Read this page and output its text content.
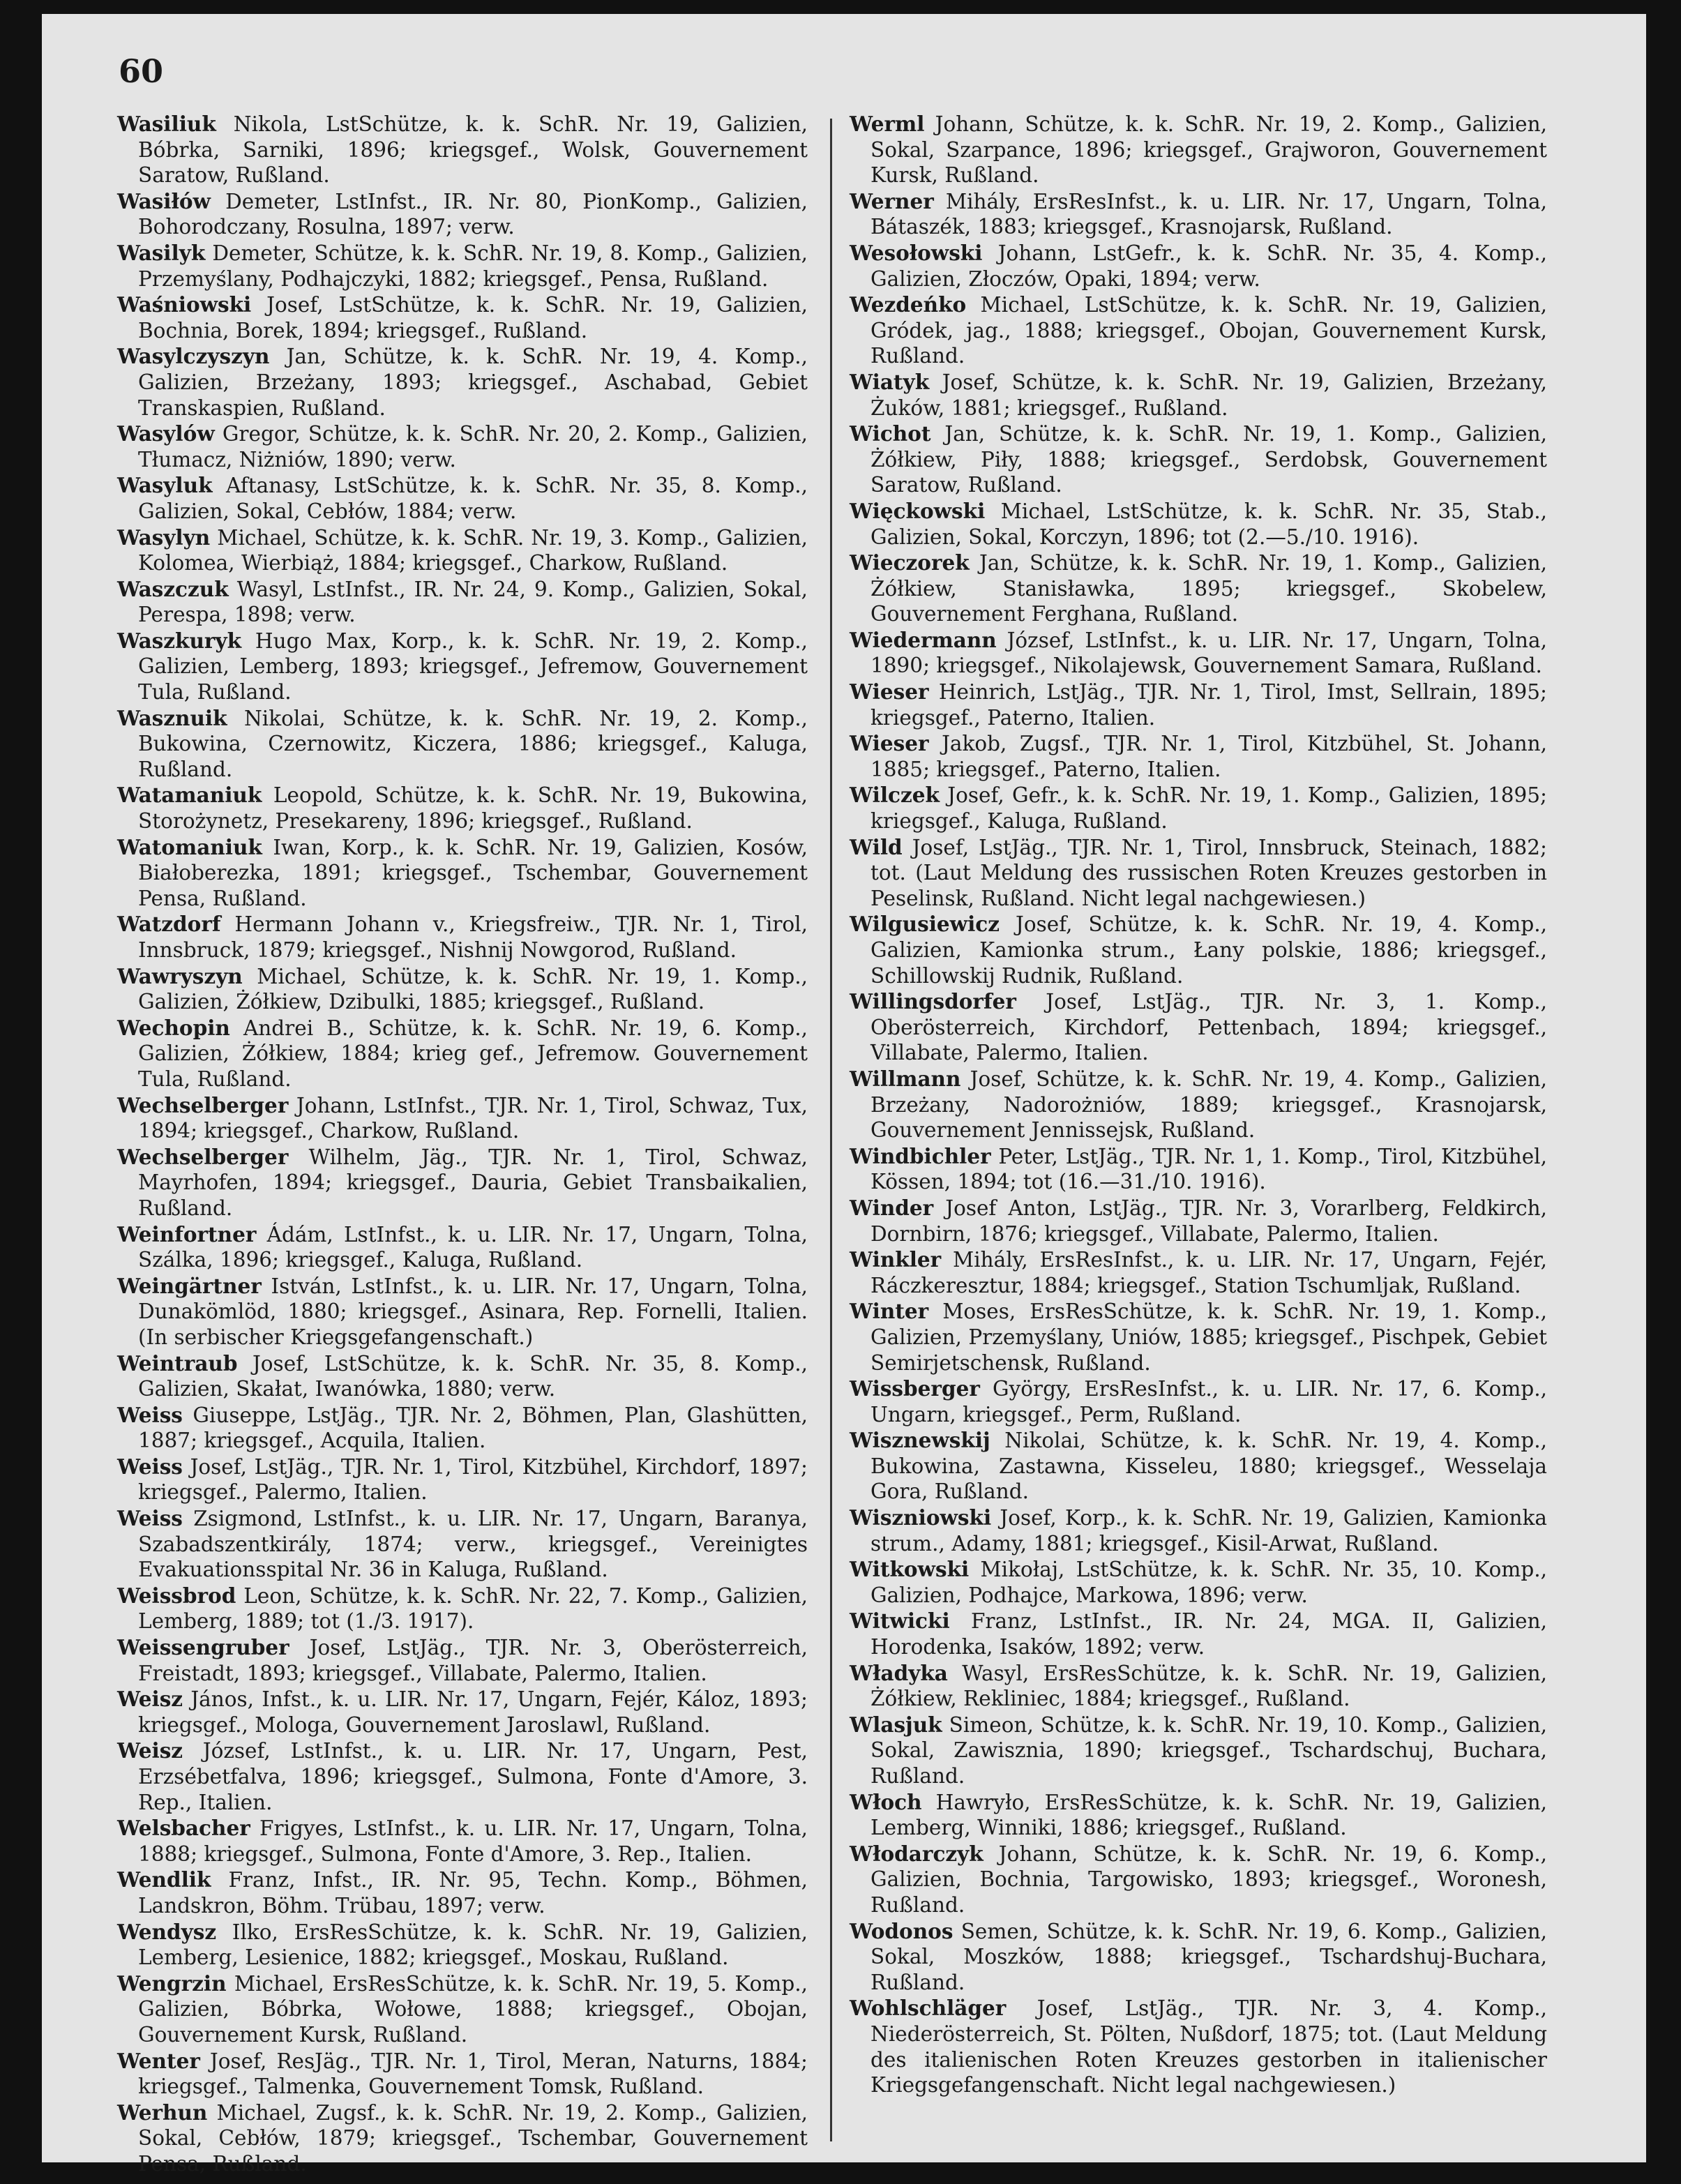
60

Wasiliuk Nikola, LstSchütze, k. k. SchR. Nr. 19, Galizien, Bóbrka, Sarniki, 1896; kriegsgef., Wolsk, Gouvernement Saratow, Rußland.

Wasiłów Demeter, LstInfst., IR. Nr. 80, PionKomp., Galizien, Bohorodczany, Rosulna, 1897; verw.

Wasilyk Demeter, Schütze, k. k. SchR. Nr. 19, 8. Komp., Galizien, Przemyślany, Podhajczyki, 1882; kriegsgef., Pensa, Rußland.

Waśniowski Josef, LstSchütze, k. k. SchR. Nr. 19, Galizien, Bochnia, Borek, 1894; kriegsgef., Rußland.

Wasylczyszyn Jan, Schütze, k. k. SchR. Nr. 19, 4. Komp., Galizien, Brzeżany, 1893; kriegsgef., Aschabad, Gebiet Transkaspien, Rußland.

Wasylów Gregor, Schütze, k. k. SchR. Nr. 20, 2. Komp., Galizien, Tłumacz, Niżniów, 1890; verw.

Wasyluk Aftanasy, LstSchütze, k. k. SchR. Nr. 35, 8. Komp., Galizien, Sokal, Cebłów, 1884; verw.

Wasylyn Michael, Schütze, k. k. SchR. Nr. 19, 3. Komp., Galizien, Kolomea, Wierbiąż, 1884; kriegsgef., Charkow, Rußland.

Waszczuk Wasyl, LstInfst., IR. Nr. 24, 9. Komp., Galizien, Sokal, Perespa, 1898; verw.

Waszkuryk Hugo Max, Korp., k. k. SchR. Nr. 19, 2. Komp., Galizien, Lemberg, 1893; kriegsgef., Jefremow, Gouvernement Tula, Rußland.

Wasznuik Nikolai, Schütze, k. k. SchR. Nr. 19, 2. Komp., Bukowina, Czernowitz, Kiczera, 1886; kriegsgef., Kaluga, Rußland.

Watamaniuk Leopold, Schütze, k. k. SchR. Nr. 19, Bukowina, Storożynetz, Presekareny, 1896; kriegsgef., Rußland.

Watomaniuk Iwan, Korp., k. k. SchR. Nr. 19, Galizien, Kosów, Białoberezka, 1891; kriegsgef., Tschembar, Gouvernement Pensa, Rußland.

Watzdorf Hermann Johann v., Kriegsfreiw., TJR. Nr. 1, Tirol, Innsbruck, 1879; kriegsgef., Nishnij Nowgorod, Rußland.

Wawryszyn Michael, Schütze, k. k. SchR. Nr. 19, 1. Komp., Galizien, Żółkiew, Dzibulki, 1885; kriegsgef., Rußland.

Wechopin Andrei B., Schütze, k. k. SchR. Nr. 19, 6. Komp., Galizien, Żółkiew, 1884; krieg gef., Jefremow. Gouvernement Tula, Rußland.

Wechselberger Johann, LstInfst., TJR. Nr. 1, Tirol, Schwaz, Tux, 1894; kriegsgef., Charkow, Rußland.

Wechselberger Wilhelm, Jäg., TJR. Nr. 1, Tirol, Schwaz, Mayrhofen, 1894; kriegsgef., Dauria, Gebiet Transbaikalien, Rußland.

Weinfortner Ádám, LstInfst., k. u. LIR. Nr. 17, Ungarn, Tolna, Szálka, 1896; kriegsgef., Kaluga, Rußland.

Weingärtner István, LstInfst., k. u. LIR. Nr. 17, Ungarn, Tolna, Dunakömlöd, 1880; kriegsgef., Asinara, Rep. Fornelli, Italien. (In serbischer Kriegsgefangenschaft.)

Weintraub Josef, LstSchütze, k. k. SchR. Nr. 35, 8. Komp., Galizien, Skałat, Iwanówka, 1880; verw.

Weiss Giuseppe, LstJäg., TJR. Nr. 2, Böhmen, Plan, Glashütten, 1887; kriegsgef., Acquila, Italien.

Weiss Josef, LstJäg., TJR. Nr. 1, Tirol, Kitzbühel, Kirchdorf, 1897; kriegsgef., Palermo, Italien.

Weiss Zsigmond, LstInfst., k. u. LIR. Nr. 17, Ungarn, Baranya, Szabadszentkirály, 1874; verw., kriegsgef., Vereinigtes Evakuationsspital Nr. 36 in Kaluga, Rußland.

Weissbrod Leon, Schütze, k. k. SchR. Nr. 22, 7. Komp., Galizien, Lemberg, 1889; tot (1./3. 1917).

Weissengruber Josef, LstJäg., TJR. Nr. 3, Oberösterreich, Freistadt, 1893; kriegsgef., Villabate, Palermo, Italien.

Weisz János, Infst., k. u. LIR. Nr. 17, Ungarn, Fejér, Káloz, 1893; kriegsgef., Mologa, Gouvernement Jaroslawl, Rußland.

Weisz József, LstInfst., k. u. LIR. Nr. 17, Ungarn, Pest, Erzsébetfalva, 1896; kriegsgef., Sulmona, Fonte d'Amore, 3. Rep., Italien.

Welsbacher Frigyes, LstInfst., k. u. LIR. Nr. 17, Ungarn, Tolna, 1888; kriegsgef., Sulmona, Fonte d'Amore, 3. Rep., Italien.

Wendlik Franz, Infst., IR. Nr. 95, Techn. Komp., Böhmen, Landskron, Böhm. Trübau, 1897; verw.

Wendysz Ilko, ErsResSchütze, k. k. SchR. Nr. 19, Galizien, Lemberg, Lesienice, 1882; kriegsgef., Moskau, Rußland.

Wengrzin Michael, ErsResSchütze, k. k. SchR. Nr. 19, 5. Komp., Galizien, Bóbrka, Wołowe, 1888; kriegsgef., Obojan, Gouvernement Kursk, Rußland.

Wenter Josef, ResJäg., TJR. Nr. 1, Tirol, Meran, Naturns, 1884; kriegsgef., Talmenka, Gouvernement Tomsk, Rußland.

Werhun Michael, Zugsf., k. k. SchR. Nr. 19, 2. Komp., Galizien, Sokal, Cebłów, 1879; kriegsgef., Tschembar, Gouvernement Pensa, Rußland.

Werml Johann, Schütze, k. k. SchR. Nr. 19, 2. Komp., Galizien, Sokal, Szarpance, 1896; kriegsgef., Grajworon, Gouvernement Kursk, Rußland.

Werner Mihály, ErsResInfst., k. u. LIR. Nr. 17, Ungarn, Tolna, Bátaszék, 1883; kriegsgef., Krasnojarsk, Rußland.

Wesołowski Johann, LstGefr., k. k. SchR. Nr. 35, 4. Komp., Galizien, Złoczów, Opaki, 1894; verw.

Wezdeńko Michael, LstSchütze, k. k. SchR. Nr. 19, Galizien, Gródek, jag., 1888; kriegsgef., Obojan, Gouvernement Kursk, Rußland.

Wiatyk Josef, Schütze, k. k. SchR. Nr. 19, Galizien, Brzeżany, Żuków, 1881; kriegsgef., Rußland.

Wichot Jan, Schütze, k. k. SchR. Nr. 19, 1. Komp., Galizien, Żółkiew, Piły, 1888; kriegsgef., Serdobsk, Gouvernement Saratow, Rußland.

Więckowski Michael, LstSchütze, k. k. SchR. Nr. 35, Stab., Galizien, Sokal, Korczyn, 1896; tot (2.—5./10. 1916).

Wieczorek Jan, Schütze, k. k. SchR. Nr. 19, 1. Komp., Galizien, Żółkiew, Stanisławka, 1895; kriegsgef., Skobelew, Gouvernement Ferghana, Rußland.

Wiedermann József, LstInfst., k. u. LIR. Nr. 17, Ungarn, Tolna, 1890; kriegsgef., Nikolajewsk, Gouvernement Samara, Rußland.

Wieser Heinrich, LstJäg., TJR. Nr. 1, Tirol, Imst, Sellrain, 1895; kriegsgef., Paterno, Italien.

Wieser Jakob, Zugsf., TJR. Nr. 1, Tirol, Kitzbühel, St. Johann, 1885; kriegsgef., Paterno, Italien.

Wilczek Josef, Gefr., k. k. SchR. Nr. 19, 1. Komp., Galizien, 1895; kriegsgef., Kaluga, Rußland.

Wild Josef, LstJäg., TJR. Nr. 1, Tirol, Innsbruck, Steinach, 1882; tot. (Laut Meldung des russischen Roten Kreuzes gestorben in Peselinsk, Rußland. Nicht legal nachgewiesen.)

Wilgusiewicz Josef, Schütze, k. k. SchR. Nr. 19, 4. Komp., Galizien, Kamionka strum., Łany polskie, 1886; kriegsgef., Schillowskij Rudnik, Rußland.

Willingsdorfer Josef, LstJäg., TJR. Nr. 3, 1. Komp., Oberösterreich, Kirchdorf, Pettenbach, 1894; kriegsgef., Villabate, Palermo, Italien.

Willmann Josef, Schütze, k. k. SchR. Nr. 19, 4. Komp., Galizien, Brzeżany, Nadorożniów, 1889; kriegsgef., Krasnojarsk, Gouvernement Jennissejsk, Rußland.

Windbichler Peter, LstJäg., TJR. Nr. 1, 1. Komp., Tirol, Kitzbühel, Kössen, 1894; tot (16.—31./10. 1916).

Winder Josef Anton, LstJäg., TJR. Nr. 3, Vorarlberg, Feldkirch, Dornbirn, 1876; kriegsgef., Villabate, Palermo, Italien.

Winkler Mihály, ErsResInfst., k. u. LIR. Nr. 17, Ungarn, Fejér, Ráczkeresztur, 1884; kriegsgef., Station Tschumljak, Rußland.

Winter Moses, ErsResSchütze, k. k. SchR. Nr. 19, 1. Komp., Galizien, Przemyślany, Uniów, 1885; kriegsgef., Pischpek, Gebiet Semirjetschensk, Rußland.

Wissberger György, ErsResInfst., k. u. LIR. Nr. 17, 6. Komp., Ungarn, kriegsgef., Perm, Rußland.

Wisznewskij Nikolai, Schütze, k. k. SchR. Nr. 19, 4. Komp., Bukowina, Zastawna, Kisseleu, 1880; kriegsgef., Wesselaja Gora, Rußland.

Wiszniowski Josef, Korp., k. k. SchR. Nr. 19, Galizien, Kamionka strum., Adamy, 1881; kriegsgef., Kisil-Arwat, Rußland.

Witkowski Mikołaj, LstSchütze, k. k. SchR. Nr. 35, 10. Komp., Galizien, Podhajce, Markowa, 1896; verw.

Witwicki Franz, LstInfst., IR. Nr. 24, MGA. II, Galizien, Horodenka, Isaków, 1892; verw.

Władyka Wasyl, ErsResSchütze, k. k. SchR. Nr. 19, Galizien, Żółkiew, Rekliniec, 1884; kriegsgef., Rußland.

Wlasjuk Simeon, Schütze, k. k. SchR. Nr. 19, 10. Komp., Galizien, Sokal, Zawisznia, 1890; kriegsgef., Tschardschuj, Buchara, Rußland.

Włoch Hawryło, ErsResSchütze, k. k. SchR. Nr. 19, Galizien, Lemberg, Winniki, 1886; kriegsgef., Rußland.

Włodarczyk Johann, Schütze, k. k. SchR. Nr. 19, 6. Komp., Galizien, Bochnia, Targowisko, 1893; kriegsgef., Woronesh, Rußland.

Wodonos Semen, Schütze, k. k. SchR. Nr. 19, 6. Komp., Galizien, Sokal, Moszków, 1888; kriegsgef., Tschardshuj-Buchara, Rußland.

Wohlschläger Josef, LstJäg., TJR. Nr. 3, 4. Komp., Niederösterreich, St. Pölten, Nußdorf, 1875; tot. (Laut Meldung des italienischen Roten Kreuzes gestorben in italienischer Kriegsgefangenschaft. Nicht legal nachgewiesen.)
